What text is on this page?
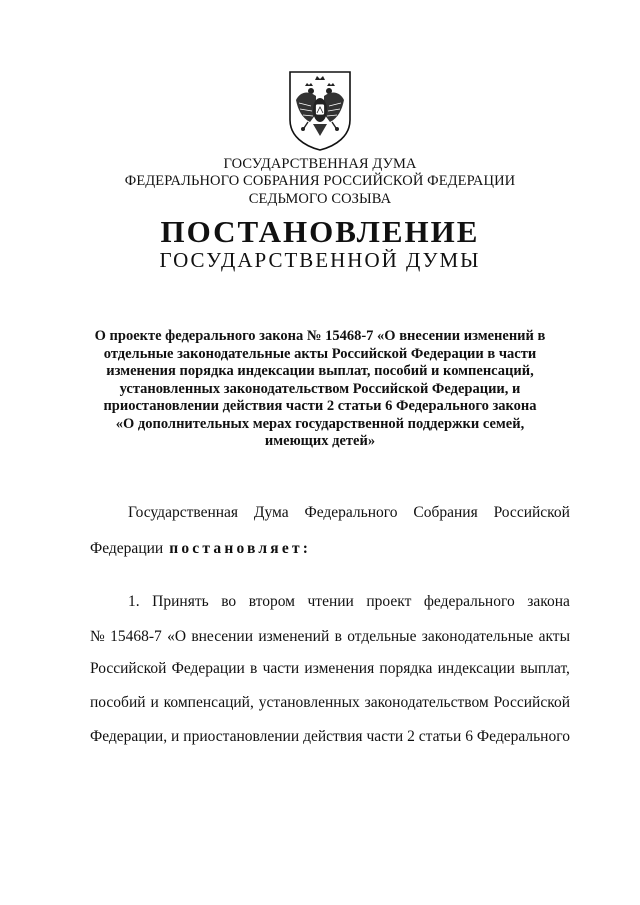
ГОСУДАРСТВЕННАЯ ДУМА
ФЕДЕРАЛЬНОГО СОБРАНИЯ РОССИЙСКОЙ ФЕДЕРАЦИИ
СЕДЬМОГО СОЗЫВА
ПОСТАНОВЛЕНИЕ
ГОСУДАРСТВЕННОЙ ДУМЫ
О проекте федерального закона № 15468-7 «О внесении изменений в
отдельные законодательные акты Российской Федерации в части
изменения порядка индексации выплат, пособий и компенсаций,
установленных законодательством Российской Федерации, и
приостановлении действия части 2 статьи 6 Федерального закона
«О дополнительных мерах государственной поддержки семей,
имеющих детей»
Государственная Дума Федерального Собрания Российской
Федерации постановляет:
1. Принять во втором чтении проект федерального закона
№ 15468-7 «О внесении изменений в отдельные законодательные акты
Российской Федерации в части изменения порядка индексации выплат,
пособий и компенсаций, установленных законодательством Российской
Федерации, и приостановлении действия части 2 статьи 6 Федерального
